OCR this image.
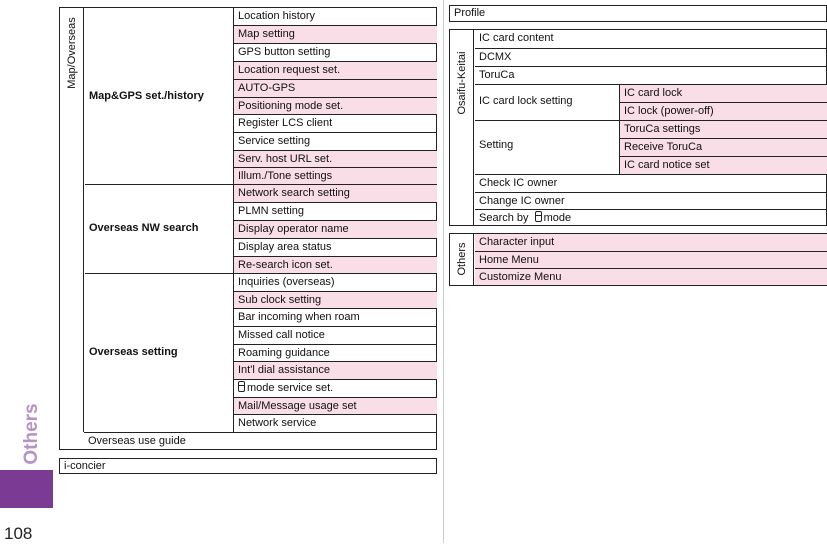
Others
108
Map/Overseas
Map&GPS set./history
Overseas NW search
Overseas setting
Location history
Map setting
GPS button setting
Location request set.
AUTO-GPS
Positioning mode set.
Register LCS client
Service setting
Serv. host URL set.
Illum./Tone settings
Network search setting
PLMN setting
Display operator name
Display area status
Re-search icon set.
Inquiries (overseas)
Sub clock setting
Bar incoming when roam
Missed call notice
Roaming guidance
Int'l dial assistance
mode service set.
Mail/Message usage set
Network service
Overseas use guide
i-concier
Profile
Osaifu-Keitai
IC card content
DCMX
ToruCa
IC card lock setting
IC card lock
IC lock (power-off)
Setting
ToruCa settings
Receive ToruCa
IC card notice set
Check IC owner
Change IC owner
Search by mode
Others
Character input
Home Menu
Customize Menu
